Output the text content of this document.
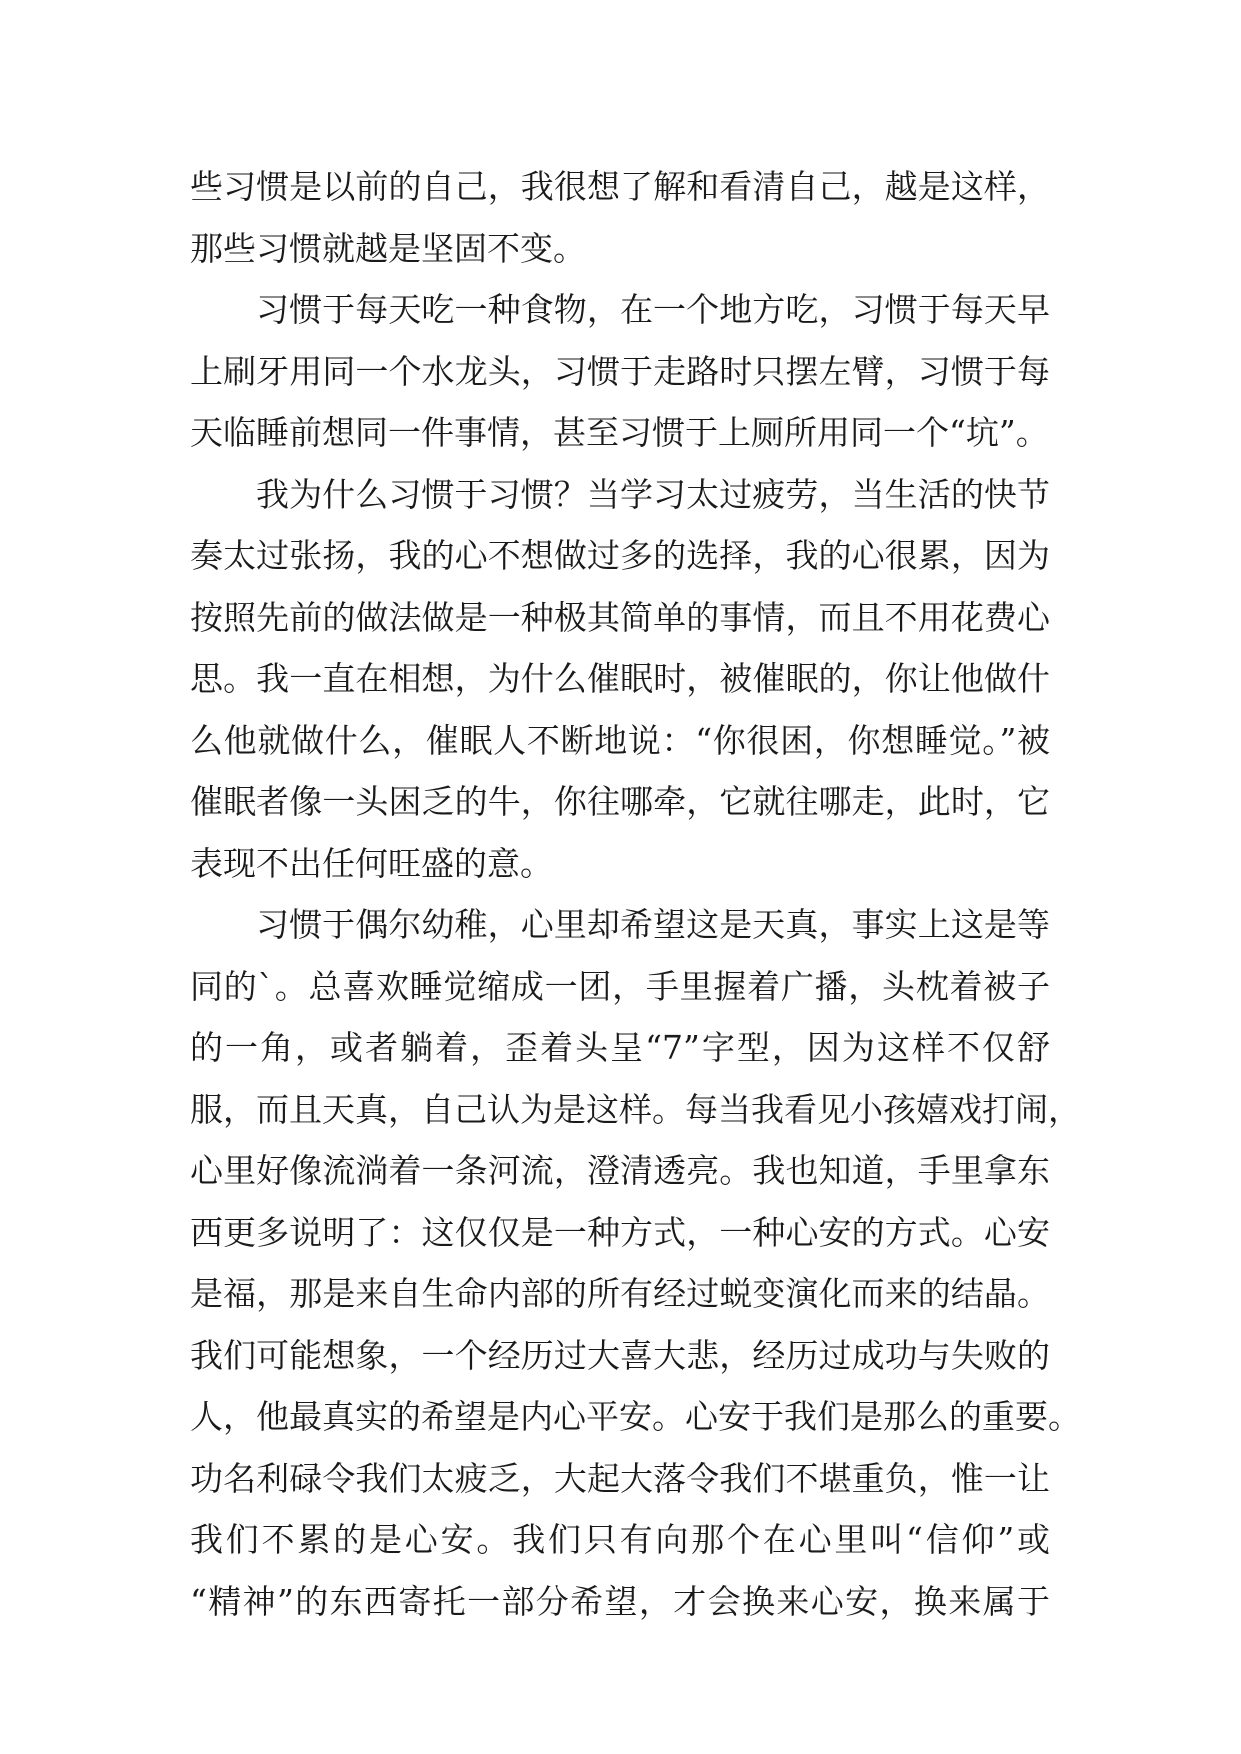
些习惯是以前的自己，我很想了解和看清自己，越是这样，
那些习惯就越是坚固不变。
习惯于每天吃一种食物，在一个地方吃，习惯于每天早
上刷牙用同一个水龙头，习惯于走路时只摆左臂，习惯于每
天临睡前想同一件事情，甚至习惯于上厕所用同一个“坑”。
我为什么习惯于习惯？当学习太过疲劳，当生活的快节
奏太过张扬，我的心不想做过多的选择，我的心很累，因为
按照先前的做法做是一种极其简单的事情，而且不用花费心
思。我一直在相想，为什么催眠时，被催眠的，你让他做什
么他就做什么，催眠人不断地说：“你很困，你想睡觉。”被
催眠者像一头困乏的牛，你往哪牵，它就往哪走，此时，它
表现不出任何旺盛的意。
习惯于偶尔幼稚，心里却希望这是天真，事实上这是等
同的`。总喜欢睡觉缩成一团，手里握着广播，头枕着被子
的一角，或者躺着，歪着头呈“7”字型，因为这样不仅舒
服，而且天真，自己认为是这样。每当我看见小孩嬉戏打闹，
心里好像流淌着一条河流，澄清透亮。我也知道，手里拿东
西更多说明了：这仅仅是一种方式，一种心安的方式。心安
是福，那是来自生命内部的所有经过蜕变演化而来的结晶。
我们可能想象，一个经历过大喜大悲，经历过成功与失败的
人，他最真实的希望是内心平安。心安于我们是那么的重要。
功名利碌令我们太疲乏，大起大落令我们不堪重负，惟一让
我们不累的是心安。我们只有向那个在心里叫“信仰”或
“精神”的东西寄托一部分希望，才会换来心安，换来属于
